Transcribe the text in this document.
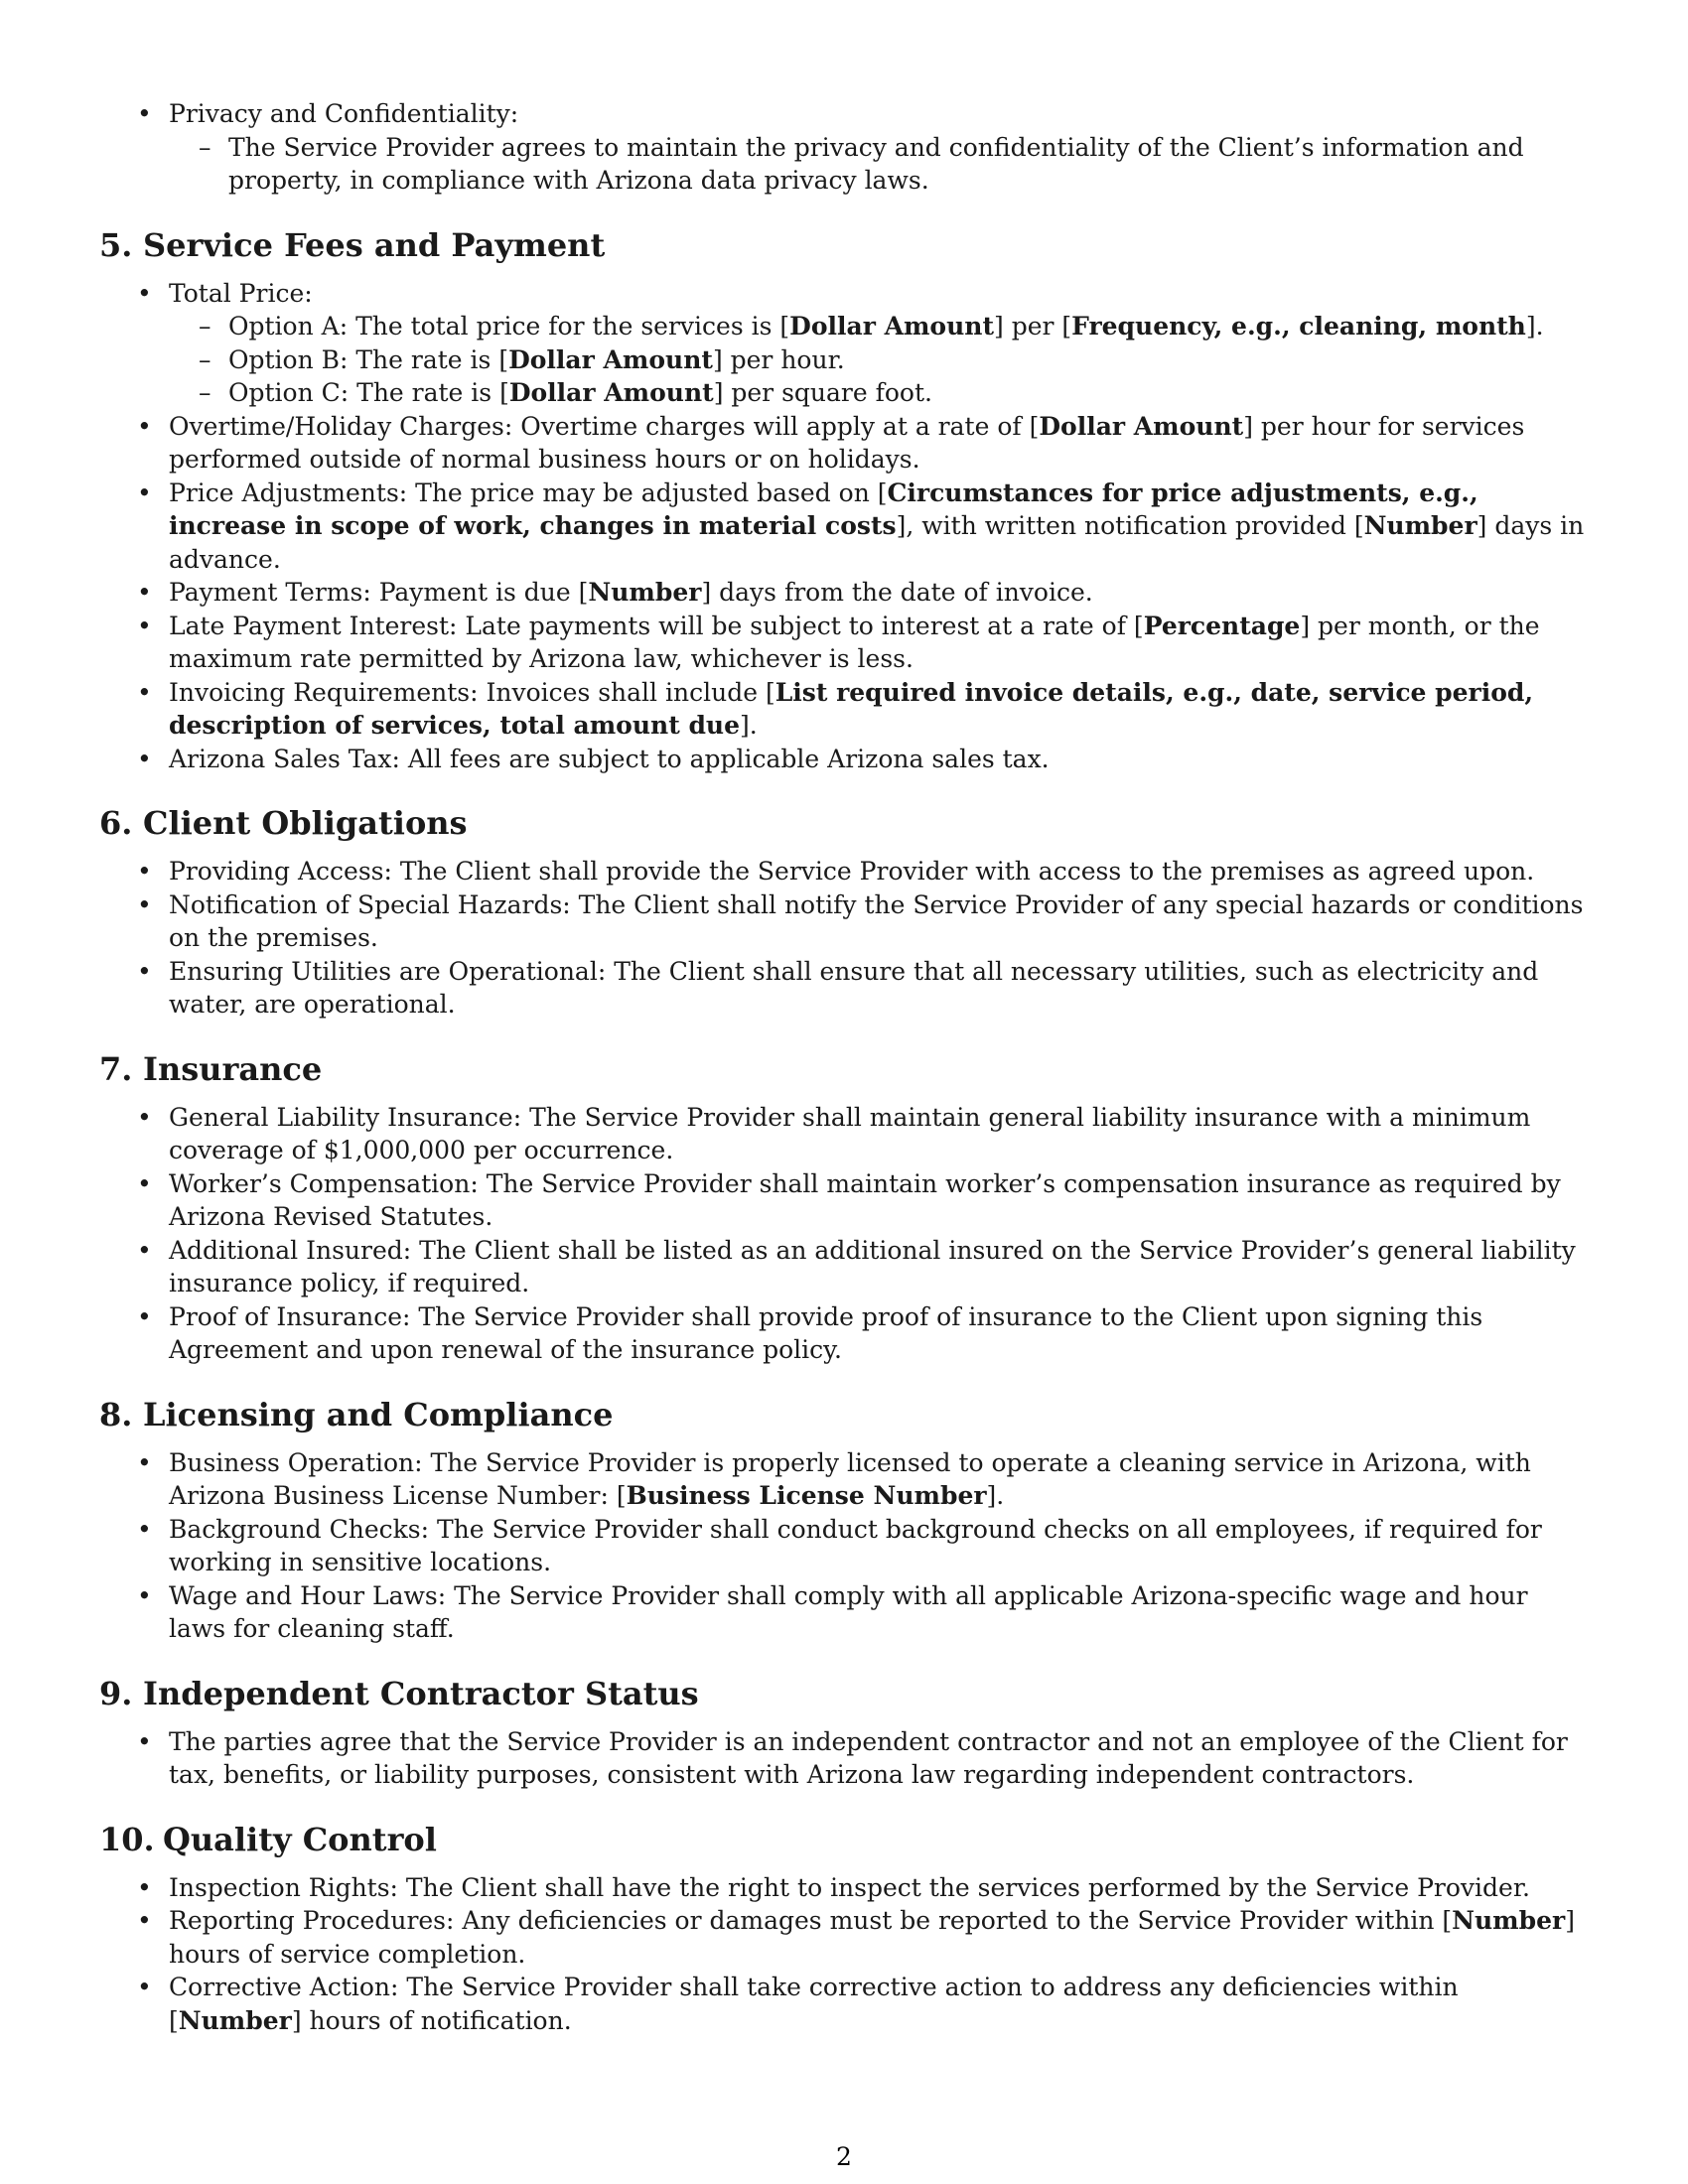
• Privacy and Confidentiality:
– The Service Provider agrees to maintain the privacy and confidentiality of the Client’s information and property, in compliance with Arizona data privacy laws.
5. Service Fees and Payment
• Total Price:
– Option A: The total price for the services is [Dollar Amount] per [Frequency, e.g., cleaning, month].
– Option B: The rate is [Dollar Amount] per hour.
– Option C: The rate is [Dollar Amount] per square foot.
• Overtime/Holiday Charges: Overtime charges will apply at a rate of [Dollar Amount] per hour for services performed outside of normal business hours or on holidays.
• Price Adjustments: The price may be adjusted based on [Circumstances for price adjustments, e.g., increase in scope of work, changes in material costs], with written notification provided [Number] days in advance.
• Payment Terms: Payment is due [Number] days from the date of invoice.
• Late Payment Interest: Late payments will be subject to interest at a rate of [Percentage] per month, or the maximum rate permitted by Arizona law, whichever is less.
• Invoicing Requirements: Invoices shall include [List required invoice details, e.g., date, service period, description of services, total amount due].
• Arizona Sales Tax: All fees are subject to applicable Arizona sales tax.
6. Client Obligations
• Providing Access: The Client shall provide the Service Provider with access to the premises as agreed upon.
• Notification of Special Hazards: The Client shall notify the Service Provider of any special hazards or conditions on the premises.
• Ensuring Utilities are Operational: The Client shall ensure that all necessary utilities, such as electricity and water, are operational.
7. Insurance
• General Liability Insurance: The Service Provider shall maintain general liability insurance with a minimum coverage of $1,000,000 per occurrence.
• Worker’s Compensation: The Service Provider shall maintain worker’s compensation insurance as required by Arizona Revised Statutes.
• Additional Insured: The Client shall be listed as an additional insured on the Service Provider’s general liability insurance policy, if required.
• Proof of Insurance: The Service Provider shall provide proof of insurance to the Client upon signing this Agreement and upon renewal of the insurance policy.
8. Licensing and Compliance
• Business Operation: The Service Provider is properly licensed to operate a cleaning service in Arizona, with Arizona Business License Number: [Business License Number].
• Background Checks: The Service Provider shall conduct background checks on all employees, if required for working in sensitive locations.
• Wage and Hour Laws: The Service Provider shall comply with all applicable Arizona-specific wage and hour laws for cleaning staff.
9. Independent Contractor Status
• The parties agree that the Service Provider is an independent contractor and not an employee of the Client for tax, benefits, or liability purposes, consistent with Arizona law regarding independent contractors.
10. Quality Control
• Inspection Rights: The Client shall have the right to inspect the services performed by the Service Provider.
• Reporting Procedures: Any deficiencies or damages must be reported to the Service Provider within [Number] hours of service completion.
• Corrective Action: The Service Provider shall take corrective action to address any deficiencies within [Number] hours of notification.
2
